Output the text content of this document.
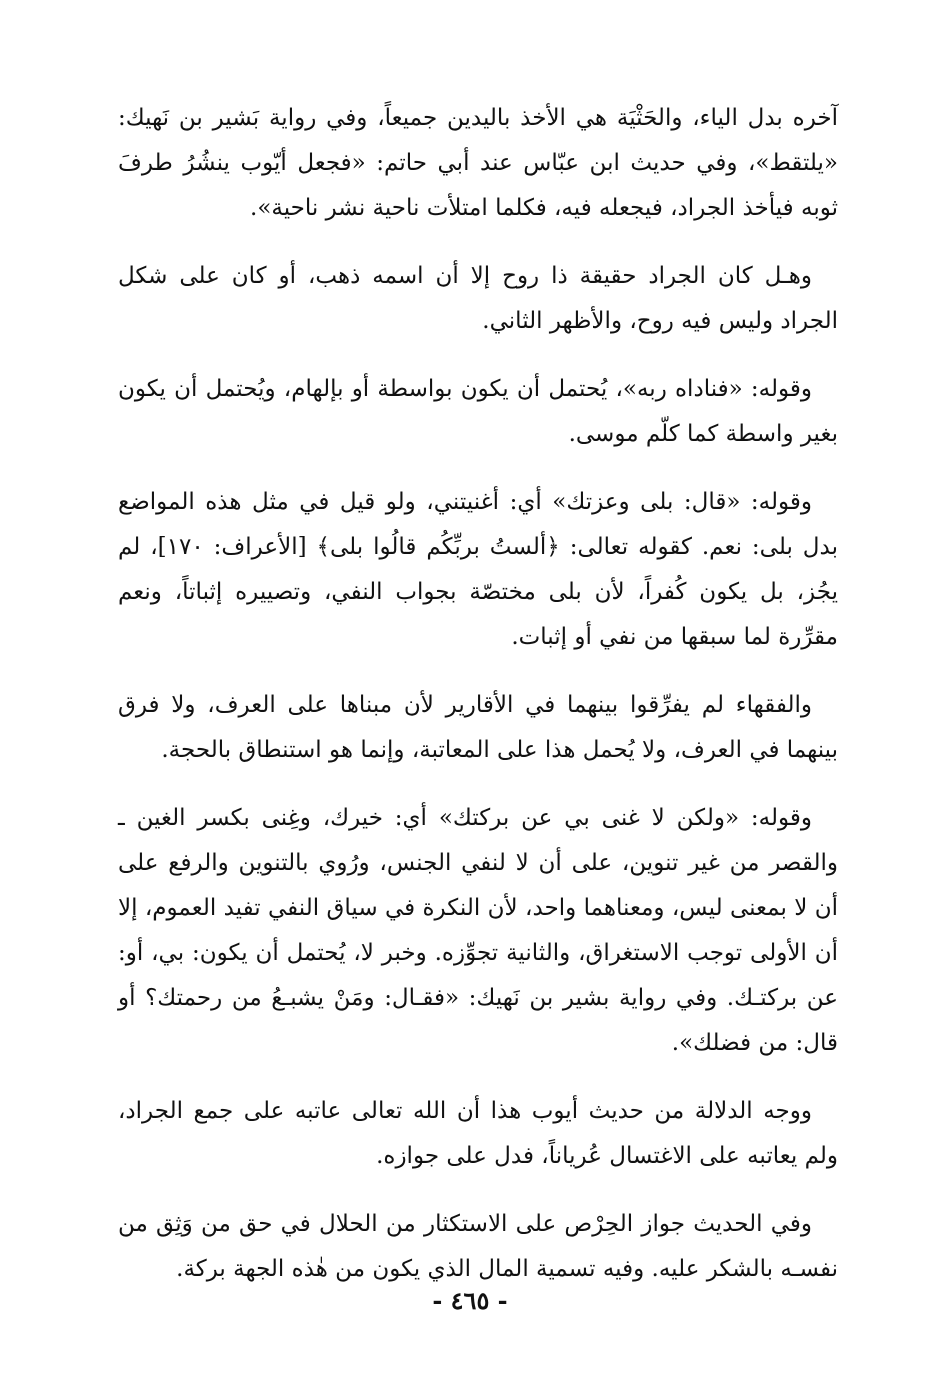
آخره بدل الياء، والحَثْيَة هي الأخذ باليدين جميعاً، وفي رواية بَشير بن نَهيك: «يلتقط»، وفي حديث ابن عبّاس عند أبي حاتم: «فجعل أيّوب ينشُرُ طرفَ ثوبه فيأخذ الجراد، فيجعله فيه، فكلما امتلأت ناحية نشر ناحية».

وهـل كان الجراد حقيقة ذا روح إلا أن اسمه ذهب، أو كان على شكل الجراد وليس فيه روح، والأظهر الثاني.

وقوله: «فناداه ربه»، يُحتمل أن يكون بواسطة أو بإلهام، ويُحتمل أن يكون بغير واسطة كما كلّم موسى.

وقوله: «قال: بلى وعزتك» أي: أغنيتني، ولو قيل في مثل هذه المواضع بدل بلى: نعم. كقوله تعالى: ﴿ألستُ بربِّكُم قالُوا بلى﴾ [الأعراف: ١٧٠]، لم يجُز، بل يكون كُفراً، لأن بلى مختصّة بجواب النفي، وتصييره إثباتاً، ونعم مقرِّرة لما سبقها من نفي أو إثبات.

والفقهاء لم يفرِّقوا بينهما في الأقارير لأن مبناها على العرف، ولا فرق بينهما في العرف، ولا يُحمل هذا على المعاتبة، وإنما هو استنطاق بالحجة.

وقوله: «ولكن لا غنى بي عن بركتك» أي: خيرك، وغِنى بكسر الغين ـ والقصر من غير تنوين، على أن لا لنفي الجنس، ورُوي بالتنوين والرفع على أن لا بمعنى ليس، ومعناهما واحد، لأن النكرة في سياق النفي تفيد العموم، إلا أن الأولى توجب الاستغراق، والثانية تجوِّزه. وخبر لا، يُحتمل أن يكون: بي، أو: عن بركتـك. وفي رواية بشير بن نَهيك: «فقـال: ومَنْ يشبـعُ من رحمتك؟ أو قال: من فضلك».

ووجه الدلالة من حديث أيوب هذا أن الله تعالى عاتبه على جمع الجراد، ولم يعاتبه على الاغتسال عُرياناً، فدل على جوازه.

وفي الحديث جواز الحِرْص على الاستكثار من الحلال في حق من وَثِق من نفسـه بالشكر عليه. وفيه تسمية المال الذي يكون من هٰذه الجهة بركة.

- ٤٦٥ -
